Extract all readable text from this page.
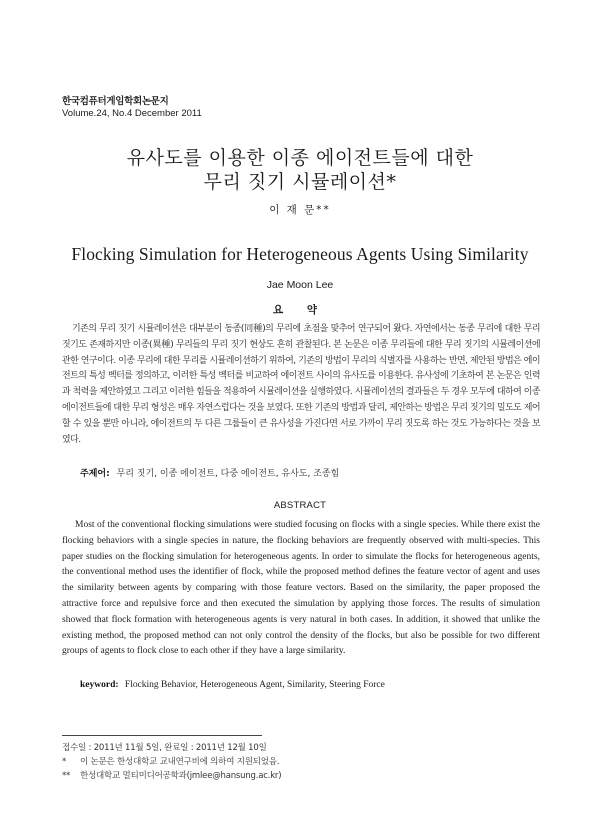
한국컴퓨터게임학회논문지
Volume.24, No.4 December 2011
유사도를 이용한 이종 에이전트들에 대한
무리 짓기 시뮬레이션*
이 재 문**
Flocking Simulation for Heterogeneous Agents Using Similarity
Jae Moon Lee
요 약

기존의 무리 짓기 시뮬레이션은 대부분이 동종(同種)의 무리에 초점을 맞추어 연구되어 왔다. 자연에서는 동종 무리에 대한 무리 짓기도 존재하지만 이종(異種) 무리들의 무리 짓기 현상도 흔히 관찰된다. 본 논문은 이종 무리들에 대한 무리 짓기의 시뮬레이션에 관한 연구이다. 이종 무리에 대한 무리를 시뮬레이션하기 위하여, 기존의 방법이 무리의 식별자를 사용하는 반면, 제안된 방법은 에이전트의 특성 벡터를 정의하고, 이러한 특성 벡터를 비교하여 에이전트 사이의 유사도를 이용한다. 유사성에 기초하여 본 논문은 인력과 척력을 제안하였고 그리고 이러한 힘들을 적용하여 시뮬레이션을 실행하였다. 시뮬레이션의 결과들은 두 경우 모두에 대하여 이종 에이전트들에 대한 무리 형성은 매우 자연스럽다는 것을 보였다. 또한 기존의 방법과 달리, 제안하는 방법은 무리 짓기의 밀도도 제어할 수 있을 뿐만 아니라, 에이전트의 두 다른 그룹들이 큰 유사성을 가진다면 서로 가까이 무리 짓도록 하는 것도 가능하다는 것을 보였다.

주제어: 무리 짓기, 이종 에이전트, 다중 에이전트, 유사도, 조종힘
ABSTRACT

Most of the conventional flocking simulations were studied focusing on flocks with a single species. While there exist the flocking behaviors with a single species in nature, the flocking behaviors are frequently observed with multi-species. This paper studies on the flocking simulation for heterogeneous agents. In order to simulate the flocks for heterogeneous agents, the conventional method uses the identifier of flock, while the proposed method defines the feature vector of agent and uses the similarity between agents by comparing with those feature vectors. Based on the similarity, the paper proposed the attractive force and repulsive force and then executed the simulation by applying those forces. The results of simulation showed that flock formation with heterogeneous agents is very natural in both cases. In addition, it showed that unlike the existing method, the proposed method can not only control the density of the flocks, but also be possible for two different groups of agents to flock close to each other if they have a large similarity.

keyword: Flocking Behavior, Heterogeneous Agent, Similarity, Steering Force
접수일 : 2011년 11월 5일, 완료일 : 2011년 12월 10일
* 이 논문은 한성대학교 교내연구비에 의하여 지원되었음.
** 한성대학교 멀티미디어공학과(jmlee@hansung.ac.kr)
